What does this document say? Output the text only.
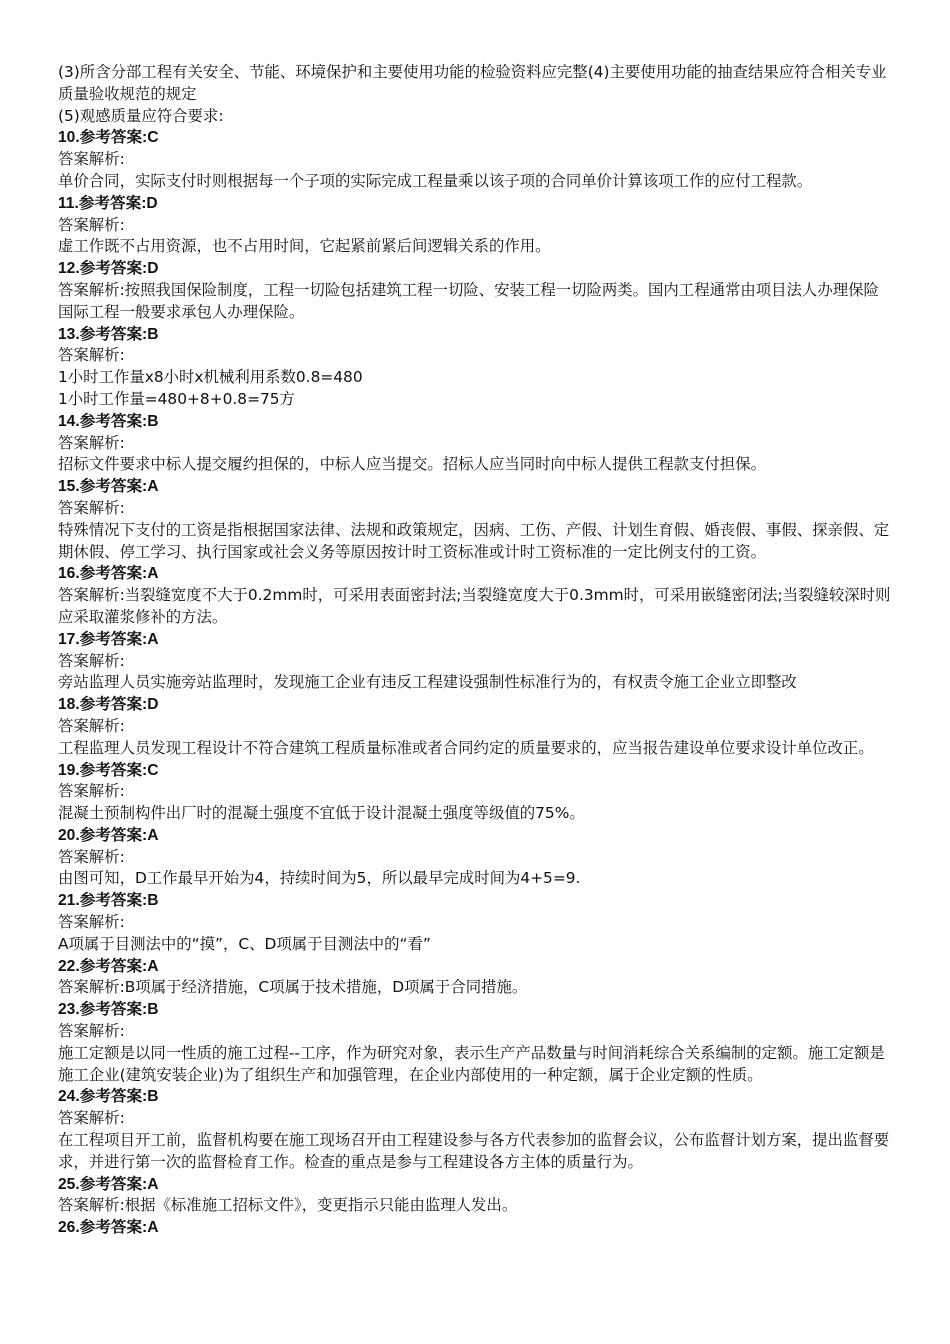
(3)所含分部工程有关安全、节能、环境保护和主要使用功能的检验资料应完整(4)主要使用功能的抽查结果应符合相关专业质量验收规范的规定

(5)观感质量应符合要求:

10.参考答案:C

答案解析:

单价合同，实际支付时则根据每一个子项的实际完成工程量乘以该子项的合同单价计算该项工作的应付工程款。

11.参考答案:D

答案解析:

虚工作既不占用资源，也不占用时间，它起紧前紧后间逻辑关系的作用。

12.参考答案:D

答案解析:按照我国保险制度，工程一切险包括建筑工程一切险、安装工程一切险两类。国内工程通常由项目法人办理保险国际工程一般要求承包人办理保险。

13.参考答案:B

答案解析:

1小时工作量x8小时x机械利用系数0.8=480

1小时工作量=480+8+0.8=75方

14.参考答案:B

答案解析:

招标文件要求中标人提交履约担保的，中标人应当提交。招标人应当同时向中标人提供工程款支付担保。

15.参考答案:A

答案解析:

特殊情况下支付的工资是指根据国家法律、法规和政策规定，因病、工伤、产假、计划生育假、婚丧假、事假、探亲假、定期休假、停工学习、执行国家或社会义务等原因按计时工资标准或计时工资标准的一定比例支付的工资。

16.参考答案:A

答案解析:当裂缝宽度不大于0.2mm时，可采用表面密封法;当裂缝宽度大于0.3mm时，可采用嵌缝密闭法;当裂缝较深时则应采取灌浆修补的方法。

17.参考答案:A

答案解析:

旁站监理人员实施旁站监理时，发现施工企业有违反工程建设强制性标准行为的，有权责令施工企业立即整改

18.参考答案:D

答案解析:

工程监理人员发现工程设计不符合建筑工程质量标准或者合同约定的质量要求的，应当报告建设单位要求设计单位改正。

19.参考答案:C

答案解析:

混凝土预制构件出厂时的混凝土强度不宜低于设计混凝土强度等级值的75%。

20.参考答案:A

答案解析:

由图可知，D工作最早开始为4，持续时间为5，所以最早完成时间为4+5=9.

21.参考答案:B

答案解析:

A项属于目测法中的“摸”，C、D项属于目测法中的“看”

22.参考答案:A

答案解析:B项属于经济措施，C项属于技术措施，D项属于合同措施。

23.参考答案:B

答案解析:

施工定额是以同一性质的施工过程--工序，作为研究对象，表示生产产品数量与时间消耗综合关系编制的定额。施工定额是施工企业(建筑安装企业)为了组织生产和加强管理，在企业内部使用的一种定额，属于企业定额的性质。

24.参考答案:B

答案解析:

在工程项目开工前，监督机构要在施工现场召开由工程建设参与各方代表参加的监督会议，公布监督计划方案，提出监督要求，并进行第一次的监督检育工作。检查的重点是参与工程建设各方主体的质量行为。

25.参考答案:A

答案解析:根据《标准施工招标文件》，变更指示只能由监理人发出。

26.参考答案:A
